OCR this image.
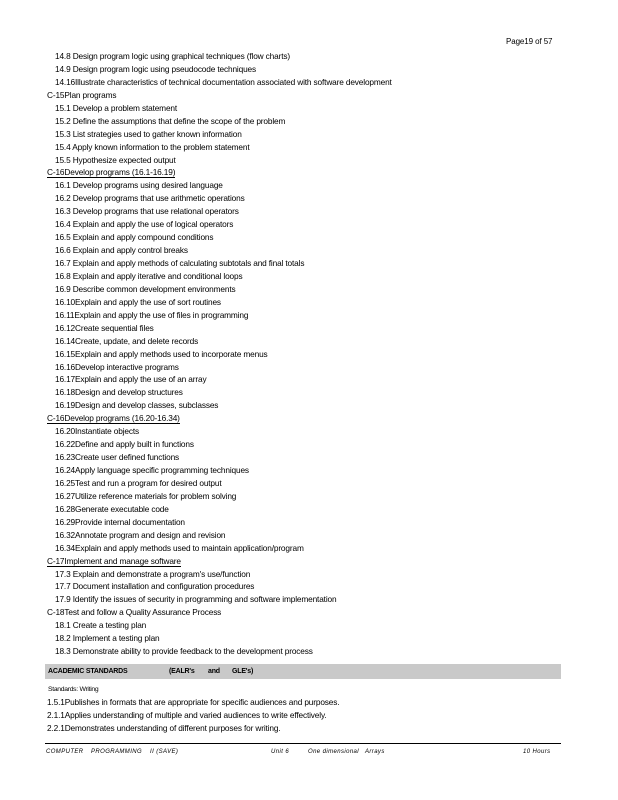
Page19 of 57
14.8 Design program logic using graphical techniques (flow charts)
14.9 Design program logic using pseudocode techniques
14.16Illustrate characteristics of technical documentation associated with software development
C-15Plan programs
15.1 Develop a problem statement
15.2 Define the assumptions that define the scope of the problem
15.3 List strategies used to gather known information
15.4 Apply known information to the problem statement
15.5 Hypothesize expected output
C-16Develop programs (16.1-16.19)
16.1 Develop programs using desired language
16.2 Develop programs that use arithmetic operations
16.3 Develop programs that use relational operators
16.4 Explain and apply the use of logical operators
16.5 Explain and apply compound conditions
16.6 Explain and apply control breaks
16.7 Explain and apply methods of calculating subtotals and final totals
16.8 Explain and apply iterative and conditional loops
16.9 Describe common development environments
16.10Explain and apply the use of sort routines
16.11Explain and apply the use of files in programming
16.12Create sequential files
16.14Create, update, and delete records
16.15Explain and apply methods used to incorporate menus
16.16Develop interactive programs
16.17Explain and apply the use of an array
16.18Design and develop structures
16.19Design and develop classes, subclasses
C-16Develop programs (16.20-16.34)
16.20Instantiate objects
16.22Define and apply built in functions
16.23Create user defined functions
16.24Apply language specific programming techniques
16.25Test and run a program for desired output
16.27Utilize reference materials for problem solving
16.28Generate executable code
16.29Provide internal documentation
16.32Annotate program and design and revision
16.34Explain and apply methods used to maintain application/program
C-17Implement and manage software
17.3 Explain and demonstrate a program's use/function
17.7 Document installation and configuration procedures
17.9 Identify the issues of security in programming and software implementation
C-18Test and follow a Quality Assurance Process
18.1 Create a testing plan
18.2 Implement a testing plan
18.3 Demonstrate ability to provide feedback to the development process
ACADEMIC STANDARDS	(EALR's and GLE's)
Standards: Writing
1.5.1Publishes in formats that are appropriate for specific audiences and purposes.
2.1.1Applies understanding of multiple and varied audiences to write effectively.
2.2.1Demonstrates understanding of different purposes for writing.
COMPUTER PROGRAMMING II (SAVE)	Unit 6	One dimensional Arrays	10 Hours
